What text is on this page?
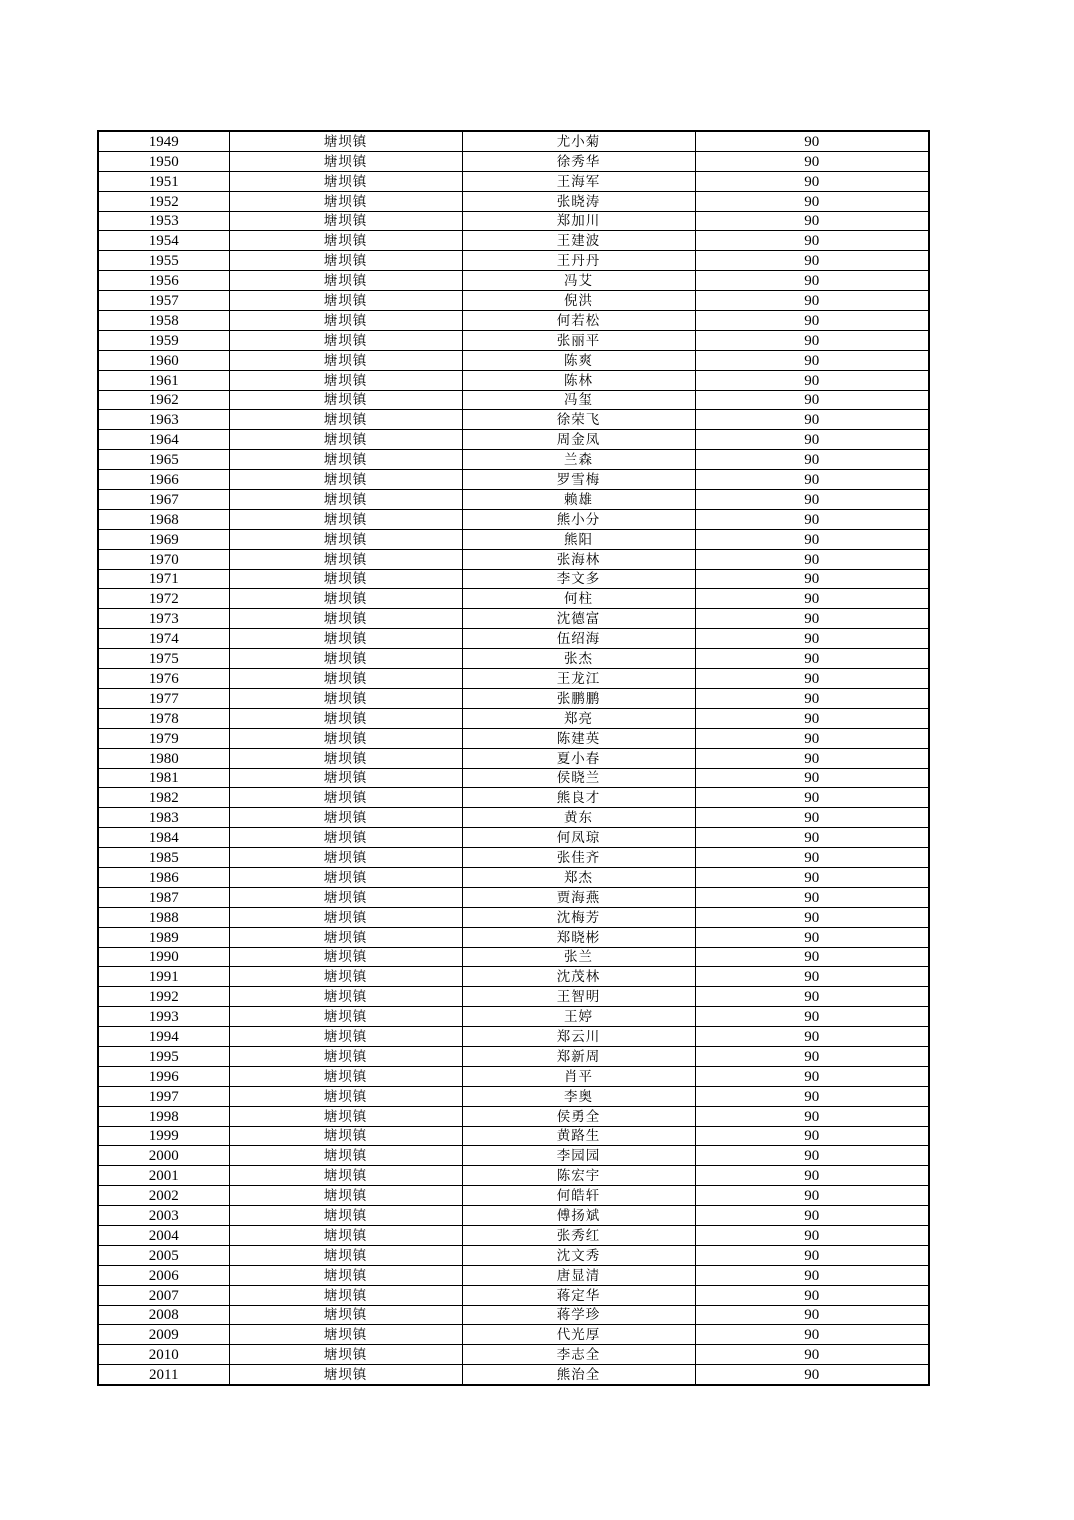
1949	塘坝镇	尤小菊	90
1950	塘坝镇	徐秀华	90
1951	塘坝镇	王海军	90
1952	塘坝镇	张晓涛	90
1953	塘坝镇	郑加川	90
1954	塘坝镇	王建波	90
1955	塘坝镇	王丹丹	90
1956	塘坝镇	冯艾	90
1957	塘坝镇	倪洪	90
1958	塘坝镇	何若松	90
1959	塘坝镇	张丽平	90
1960	塘坝镇	陈爽	90
1961	塘坝镇	陈林	90
1962	塘坝镇	冯玺	90
1963	塘坝镇	徐荣飞	90
1964	塘坝镇	周金凤	90
1965	塘坝镇	兰森	90
1966	塘坝镇	罗雪梅	90
1967	塘坝镇	赖雄	90
1968	塘坝镇	熊小分	90
1969	塘坝镇	熊阳	90
1970	塘坝镇	张海林	90
1971	塘坝镇	李文多	90
1972	塘坝镇	何柱	90
1973	塘坝镇	沈德富	90
1974	塘坝镇	伍绍海	90
1975	塘坝镇	张杰	90
1976	塘坝镇	王龙江	90
1977	塘坝镇	张鹏鹏	90
1978	塘坝镇	郑亮	90
1979	塘坝镇	陈建英	90
1980	塘坝镇	夏小春	90
1981	塘坝镇	侯晓兰	90
1982	塘坝镇	熊良才	90
1983	塘坝镇	黄东	90
1984	塘坝镇	何凤琼	90
1985	塘坝镇	张佳齐	90
1986	塘坝镇	郑杰	90
1987	塘坝镇	贾海燕	90
1988	塘坝镇	沈梅芳	90
1989	塘坝镇	郑晓彬	90
1990	塘坝镇	张兰	90
1991	塘坝镇	沈茂林	90
1992	塘坝镇	王智明	90
1993	塘坝镇	王婷	90
1994	塘坝镇	郑云川	90
1995	塘坝镇	郑新周	90
1996	塘坝镇	肖平	90
1997	塘坝镇	李奥	90
1998	塘坝镇	侯勇全	90
1999	塘坝镇	黄路生	90
2000	塘坝镇	李园园	90
2001	塘坝镇	陈宏宇	90
2002	塘坝镇	何皓轩	90
2003	塘坝镇	傅扬斌	90
2004	塘坝镇	张秀红	90
2005	塘坝镇	沈文秀	90
2006	塘坝镇	唐显清	90
2007	塘坝镇	蒋定华	90
2008	塘坝镇	蒋学珍	90
2009	塘坝镇	代光厚	90
2010	塘坝镇	李志全	90
2011	塘坝镇	熊治全	90
